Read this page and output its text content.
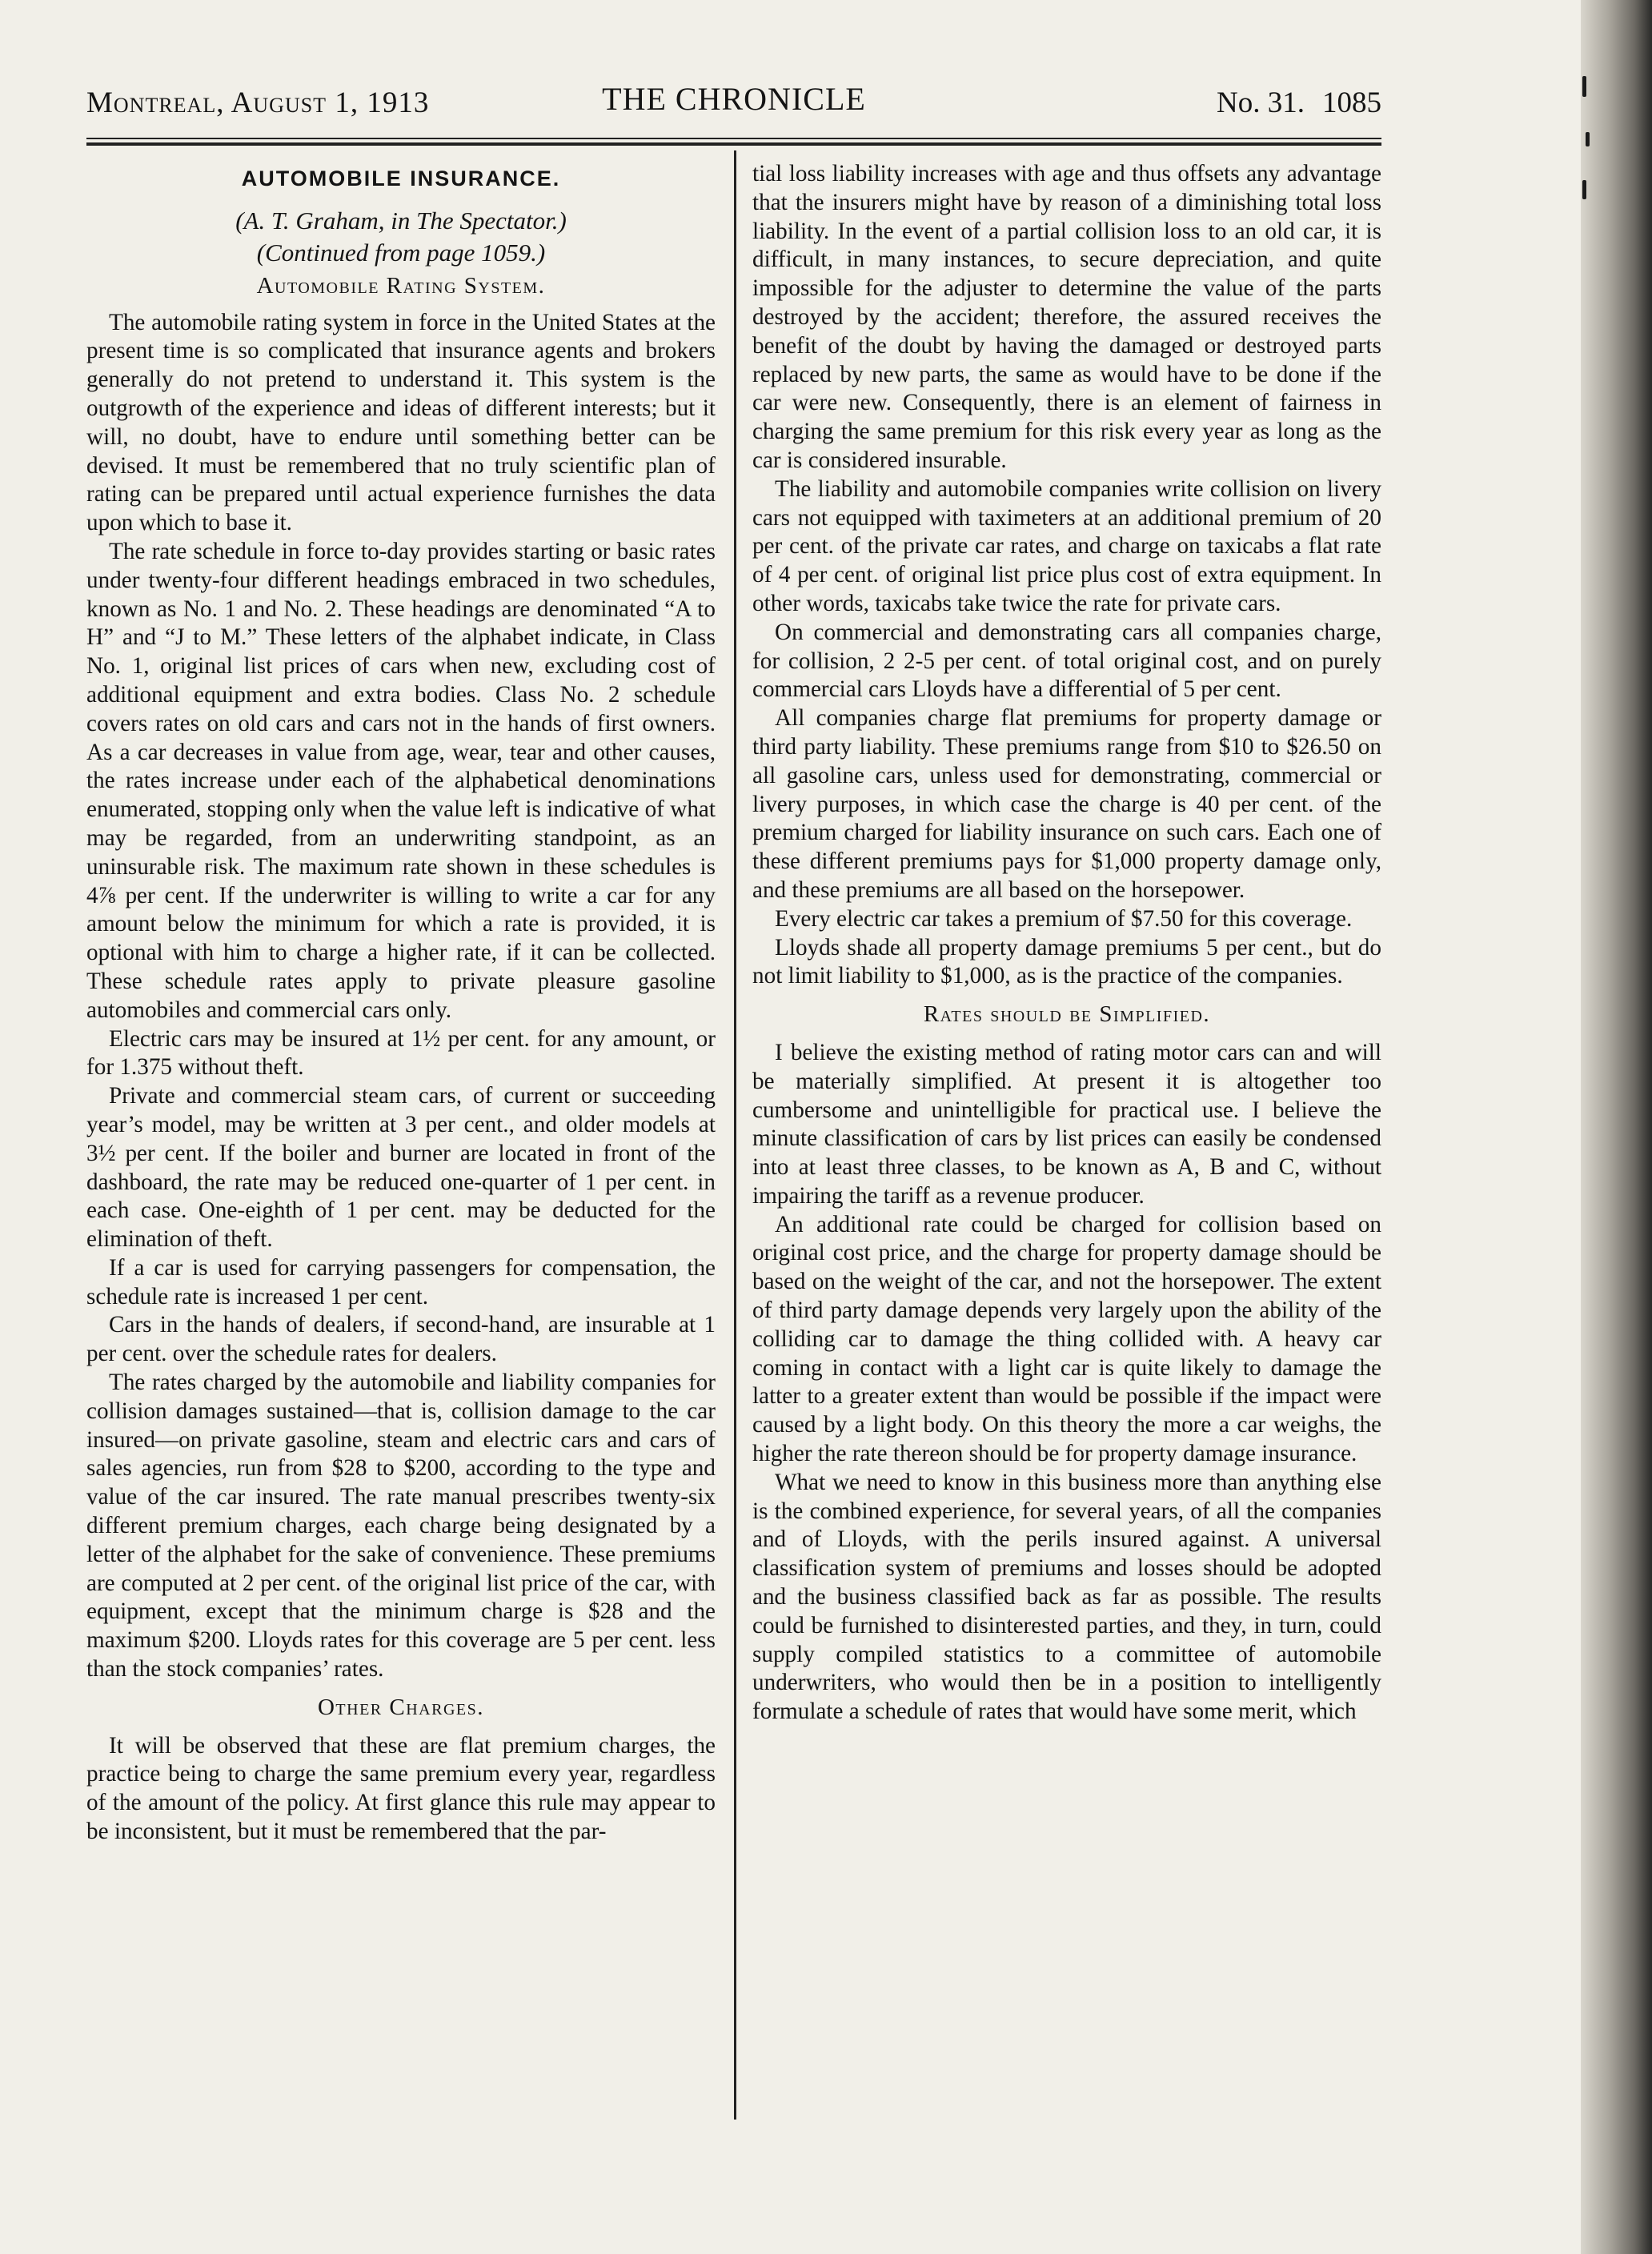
Montreal, August 1, 1913	THE CHRONICLE	No. 31. 1085
AUTOMOBILE INSURANCE.
(A. T. Graham, in The Spectator.)
(Continued from page 1059.)
Automobile Rating System.

The automobile rating system in force in the United States at the present time is so complicated that insurance agents and brokers generally do not pretend to understand it. This system is the outgrowth of the experience and ideas of different interests; but it will, no doubt, have to endure until something better can be devised. It must be remembered that no truly scientific plan of rating can be prepared until actual experience furnishes the data upon which to base it.

The rate schedule in force to-day provides starting or basic rates under twenty-four different headings embraced in two schedules, known as No. 1 and No. 2. These headings are denominated “A to H” and “J to M.” These letters of the alphabet indicate, in Class No. 1, original list prices of cars when new, excluding cost of additional equipment and extra bodies. Class No. 2 schedule covers rates on old cars and cars not in the hands of first owners. As a car decreases in value from age, wear, tear and other causes, the rates increase under each of the alphabetical denominations enumerated, stopping only when the value left is indicative of what may be regarded, from an underwriting standpoint, as an uninsurable risk. The maximum rate shown in these schedules is 4⅞ per cent. If the underwriter is willing to write a car for any amount below the minimum for which a rate is provided, it is optional with him to charge a higher rate, if it can be collected. These schedule rates apply to private pleasure gasoline automobiles and commercial cars only.

Electric cars may be insured at 1½ per cent. for any amount, or for 1.375 without theft.

Private and commercial steam cars, of current or succeeding year’s model, may be written at 3 per cent., and older models at 3½ per cent. If the boiler and burner are located in front of the dashboard, the rate may be reduced one-quarter of 1 per cent. in each case. One-eighth of 1 per cent. may be deducted for the elimination of theft.

If a car is used for carrying passengers for compensation, the schedule rate is increased 1 per cent.

Cars in the hands of dealers, if second-hand, are insurable at 1 per cent. over the schedule rates for dealers.

The rates charged by the automobile and liability companies for collision damages sustained—that is, collision damage to the car insured—on private gasoline, steam and electric cars and cars of sales agencies, run from $28 to $200, according to the type and value of the car insured. The rate manual prescribes twenty-six different premium charges, each charge being designated by a letter of the alphabet for the sake of convenience. These premiums are computed at 2 per cent. of the original list price of the car, with equipment, except that the minimum charge is $28 and the maximum $200. Lloyds rates for this coverage are 5 per cent. less than the stock companies’ rates.

Other Charges.

It will be observed that these are flat premium charges, the practice being to charge the same premium every year, regardless of the amount of the policy. At first glance this rule may appear to be inconsistent, but it must be remembered that the par-

tial loss liability increases with age and thus offsets any advantage that the insurers might have by reason of a diminishing total loss liability. In the event of a partial collision loss to an old car, it is difficult, in many instances, to secure depreciation, and quite impossible for the adjuster to determine the value of the parts destroyed by the accident; therefore, the assured receives the benefit of the doubt by having the damaged or destroyed parts replaced by new parts, the same as would have to be done if the car were new. Consequently, there is an element of fairness in charging the same premium for this risk every year as long as the car is considered insurable.

The liability and automobile companies write collision on livery cars not equipped with taximeters at an additional premium of 20 per cent. of the private car rates, and charge on taxicabs a flat rate of 4 per cent. of original list price plus cost of extra equipment. In other words, taxicabs take twice the rate for private cars.

On commercial and demonstrating cars all companies charge, for collision, 2 2-5 per cent. of total original cost, and on purely commercial cars Lloyds have a differential of 5 per cent.

All companies charge flat premiums for property damage or third party liability. These premiums range from $10 to $26.50 on all gasoline cars, unless used for demonstrating, commercial or livery purposes, in which case the charge is 40 per cent. of the premium charged for liability insurance on such cars. Each one of these different premiums pays for $1,000 property damage only, and these premiums are all based on the horsepower.

Every electric car takes a premium of $7.50 for this coverage.

Lloyds shade all property damage premiums 5 per cent., but do not limit liability to $1,000, as is the practice of the companies.

Rates should be Simplified.

I believe the existing method of rating motor cars can and will be materially simplified. At present it is altogether too cumbersome and unintelligible for practical use. I believe the minute classification of cars by list prices can easily be condensed into at least three classes, to be known as A, B and C, without impairing the tariff as a revenue producer.

An additional rate could be charged for collision based on original cost price, and the charge for property damage should be based on the weight of the car, and not the horsepower. The extent of third party damage depends very largely upon the ability of the colliding car to damage the thing collided with. A heavy car coming in contact with a light car is quite likely to damage the latter to a greater extent than would be possible if the impact were caused by a light body. On this theory the more a car weighs, the higher the rate thereon should be for property damage insurance.

What we need to know in this business more than anything else is the combined experience, for several years, of all the companies and of Lloyds, with the perils insured against. A universal classification system of premiums and losses should be adopted and the business classified back as far as possible. The results could be furnished to disinterested parties, and they, in turn, could supply compiled statistics to a committee of automobile underwriters, who would then be in a position to intelligently formulate a schedule of rates that would have some merit, which
